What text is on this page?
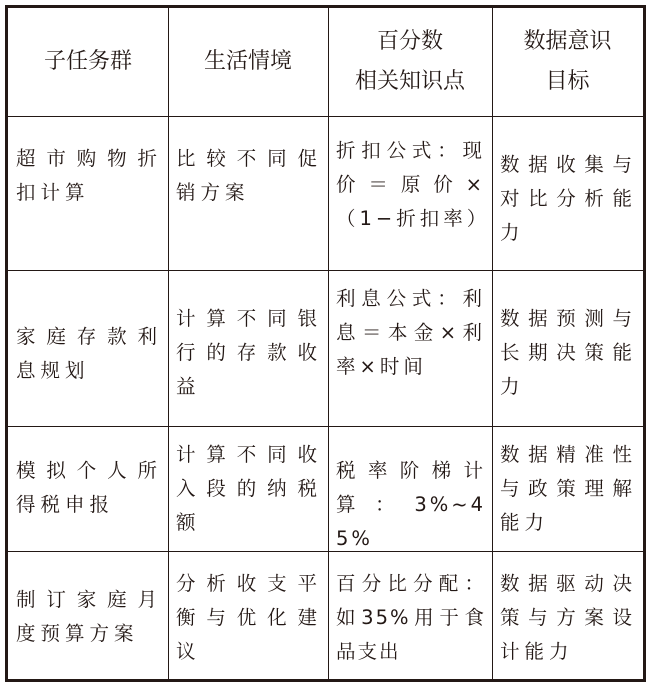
子任务群	生活情境
百分数
相关知识点
数据意识
目标
超市购物折扣计算
比较不同促销方案
折扣公式：现价＝原价×（1−折扣率）
数据收集与对比分析能力
家庭存款利息规划
计算不同银行的存款收益
利息公式：利息＝本金×利率×时间
数据预测与长期决策能力
模拟个人所得税申报
计算不同收入段的纳税额
税率阶梯计算：3%~45%
数据精准性与政策理解能力
制订家庭月度预算方案
分析收支平衡与优化建议
百分比分配：如35%用于食品支出
数据驱动决策与方案设计能力
